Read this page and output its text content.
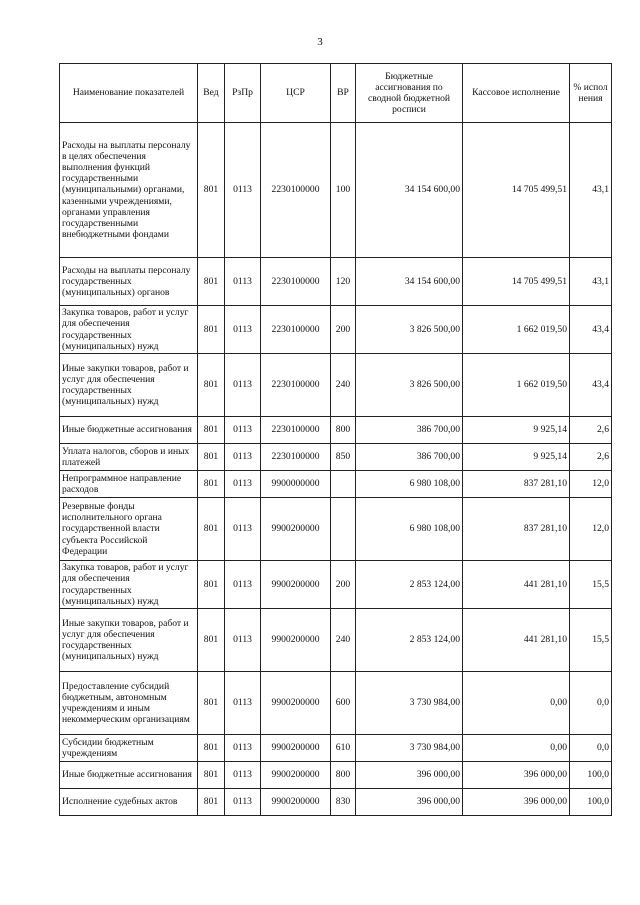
3
Наименование показателей	Вед	РзПр	ЦСР	ВР	Бюджетные ассигнования по сводной бюджетной росписи	Кассовое исполнение	% испол нения
Расходы на выплаты персоналу в целях обеспечения выполнения функций государственными (муниципальными) органами, казенными учреждениями, органами управления государственными внебюджетными фондами	801	0113	2230100000	100	34 154 600,00	14 705 499,51	43,1
Расходы на выплаты персоналу государственных (муниципальных) органов	801	0113	2230100000	120	34 154 600,00	14 705 499,51	43,1
Закупка товаров, работ и услуг для обеспечения государственных (муниципальных) нужд	801	0113	2230100000	200	3 826 500,00	1 662 019,50	43,4
Иные закупки товаров, работ и услуг для обеспечения государственных (муниципальных) нужд	801	0113	2230100000	240	3 826 500,00	1 662 019,50	43,4
Иные бюджетные ассигнования	801	0113	2230100000	800	386 700,00	9 925,14	2,6
Уплата налогов, сборов и иных платежей	801	0113	2230100000	850	386 700,00	9 925,14	2,6
Непрограммное направление расходов	801	0113	9900000000		6 980 108,00	837 281,10	12,0
Резервные фонды исполнительного органа государственной власти субъекта Российской Федерации	801	0113	9900200000		6 980 108,00	837 281,10	12,0
Закупка товаров, работ и услуг для обеспечения государственных (муниципальных) нужд	801	0113	9900200000	200	2 853 124,00	441 281,10	15,5
Иные закупки товаров, работ и услуг для обеспечения государственных (муниципальных) нужд	801	0113	9900200000	240	2 853 124,00	441 281,10	15,5
Предоставление субсидий бюджетным, автономным учреждениям и иным некоммерческим организациям	801	0113	9900200000	600	3 730 984,00	0,00	0,0
Субсидии бюджетным учреждениям	801	0113	9900200000	610	3 730 984,00	0,00	0,0
Иные бюджетные ассигнования	801	0113	9900200000	800	396 000,00	396 000,00	100,0
Исполнение судебных актов	801	0113	9900200000	830	396 000,00	396 000,00	100,0
